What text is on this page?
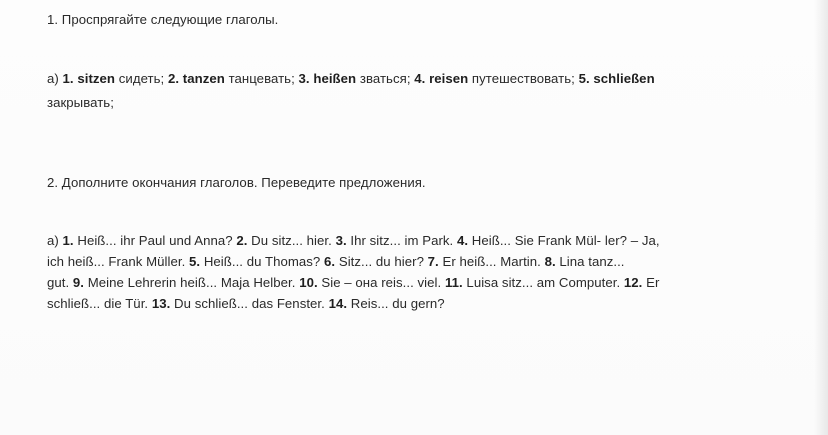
1. Проспрягайте следующие глаголы.
а) 1. sitzen сидеть; 2. tanzen танцевать; 3. heißen зваться; 4. reisen путешествовать; 5. schließen
закрывать;
2. Дополните окончания глаголов. Переведите предложения.
а) 1. Heiß... ihr Paul und Anna? 2. Du sitz... hier. 3. Ihr sitz... im Park. 4. Heiß... Sie Frank Mül- ler? – Ja,
ich heiß... Frank Müller. 5. Heiß... du Thomas? 6. Sitz... du hier? 7. Er heiß... Martin. 8. Lina tanz...
gut. 9. Meine Lehrerin heiß... Maja Helber. 10. Sie – она reis... viel. 11. Luisa sitz... am Computer. 12. Er
schließ... die Tür. 13. Du schließ... das Fenster. 14. Reis... du gern?
